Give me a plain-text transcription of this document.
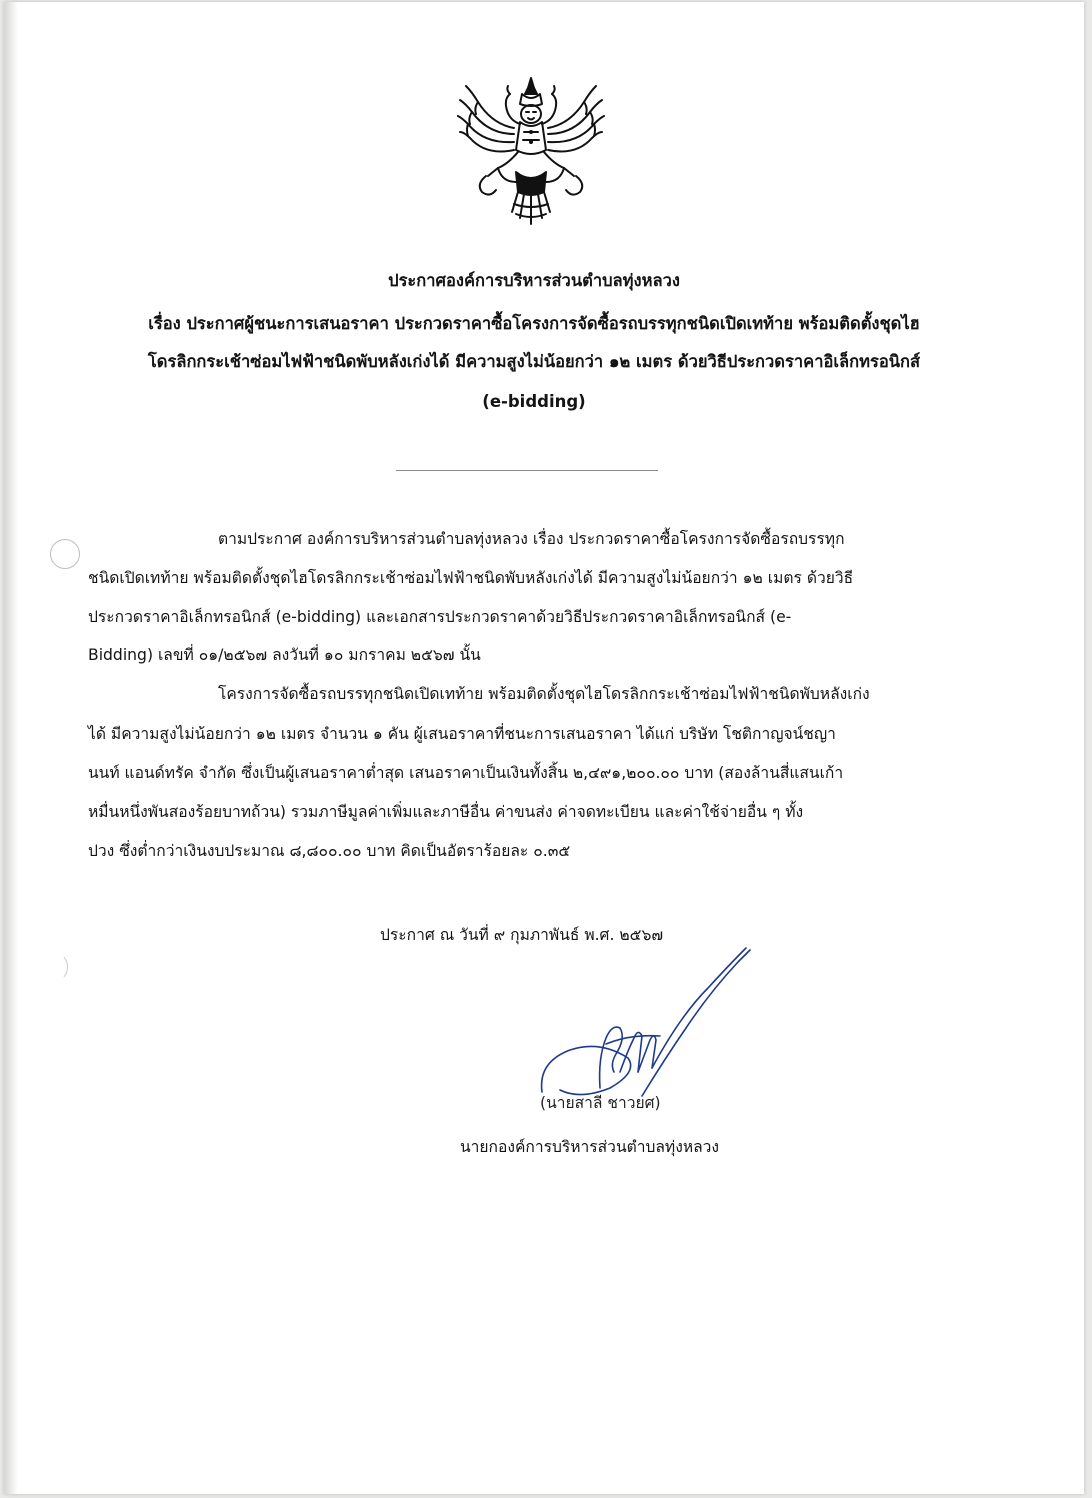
ประกาศองค์การบริหารส่วนตำบลทุ่งหลวง
เรื่อง ประกาศผู้ชนะการเสนอราคา ประกวดราคาซื้อโครงการจัดซื้อรถบรรทุกชนิดเปิดเทท้าย พร้อมติดตั้งชุดไฮ
โดรลิกกระเช้าซ่อมไฟฟ้าชนิดพับหลังเก่งได้ มีความสูงไม่น้อยกว่า ๑๒ เมตร ด้วยวิธีประกวดราคาอิเล็กทรอนิกส์
(e-bidding)
ตามประกาศ องค์การบริหารส่วนตำบลทุ่งหลวง เรื่อง ประกวดราคาซื้อโครงการจัดซื้อรถบรรทุก
ชนิดเปิดเทท้าย พร้อมติดตั้งชุดไฮโดรลิกกระเช้าซ่อมไฟฟ้าชนิดพับหลังเก่งได้ มีความสูงไม่น้อยกว่า ๑๒ เมตร ด้วยวิธี
ประกวดราคาอิเล็กทรอนิกส์ (e-bidding) และเอกสารประกวดราคาด้วยวิธีประกวดราคาอิเล็กทรอนิกส์ (e-
Bidding) เลขที่ ๐๑/๒๕๖๗ ลงวันที่ ๑๐ มกราคม ๒๕๖๗ นั้น
โครงการจัดซื้อรถบรรทุกชนิดเปิดเทท้าย พร้อมติดตั้งชุดไฮโดรลิกกระเช้าซ่อมไฟฟ้าชนิดพับหลังเก่ง
ได้ มีความสูงไม่น้อยกว่า ๑๒ เมตร จำนวน ๑ คัน ผู้เสนอราคาที่ชนะการเสนอราคา ได้แก่ บริษัท โชติกาญจน์ชญา
นนท์ แอนด์ทรัค จำกัด ซึ่งเป็นผู้เสนอราคาต่ำสุด เสนอราคาเป็นเงินทั้งสิ้น ๒,๔๙๑,๒๐๐.๐๐ บาท (สองล้านสี่แสนเก้า
หมื่นหนึ่งพันสองร้อยบาทถ้วน) รวมภาษีมูลค่าเพิ่มและภาษีอื่น ค่าขนส่ง ค่าจดทะเบียน และค่าใช้จ่ายอื่น ๆ ทั้ง
ปวง ซึ่งต่ำกว่าเงินงบประมาณ ๘,๘๐๐.๐๐ บาท คิดเป็นอัตราร้อยละ ๐.๓๕
ประกาศ ณ วันที่ ๙ กุมภาพันธ์ พ.ศ. ๒๕๖๗
(นายสาลี ชาวยศ)
นายกองค์การบริหารส่วนตำบลทุ่งหลวง
